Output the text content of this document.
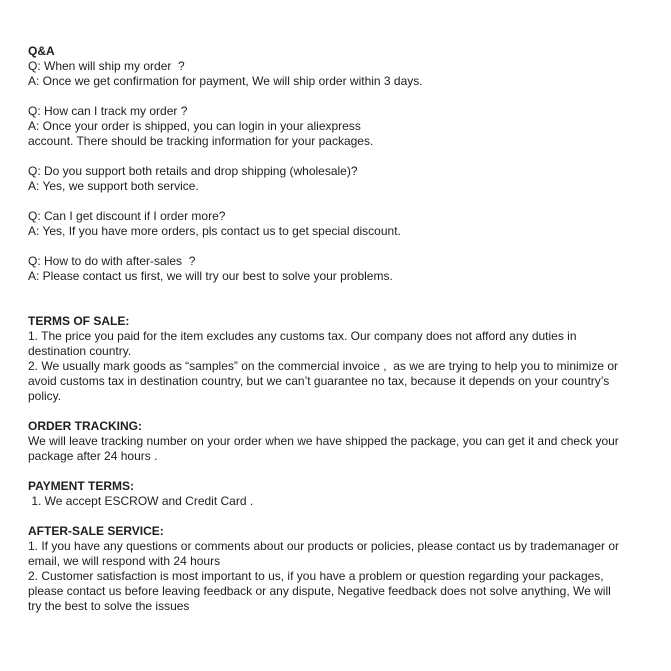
Q&A

Q: When will ship my order  ?

A: Once we get confirmation for payment, We will ship order within 3 days.

Q: How can I track my order ?

A: Once your order is shipped, you can login in your aliexpress

account. There should be tracking information for your packages.

Q: Do you support both retails and drop shipping (wholesale)?

A: Yes, we support both service.

Q: Can I get discount if I order more?

A: Yes, If you have more orders, pls contact us to get special discount.

Q: How to do with after-sales  ?

A: Please contact us first, we will try our best to solve your problems.

TERMS OF SALE:

1. The price you paid for the item excludes any customs tax. Our company does not afford any duties in

destination country.

2. We usually mark goods as “samples” on the commercial invoice ,  as we are trying to help you to minimize or

avoid customs tax in destination country, but we can’t guarantee no tax, because it depends on your country’s

policy.

ORDER TRACKING:

We will leave tracking number on your order when we have shipped the package, you can get it and check your

package after 24 hours .

PAYMENT TERMS:

1. We accept ESCROW and Credit Card .

AFTER-SALE SERVICE:

1. If you have any questions or comments about our products or policies, please contact us by trademanager or

email, we will respond with 24 hours

2. Customer satisfaction is most important to us, if you have a problem or question regarding your packages,

please contact us before leaving feedback or any dispute, Negative feedback does not solve anything, We will

try the best to solve the issues
